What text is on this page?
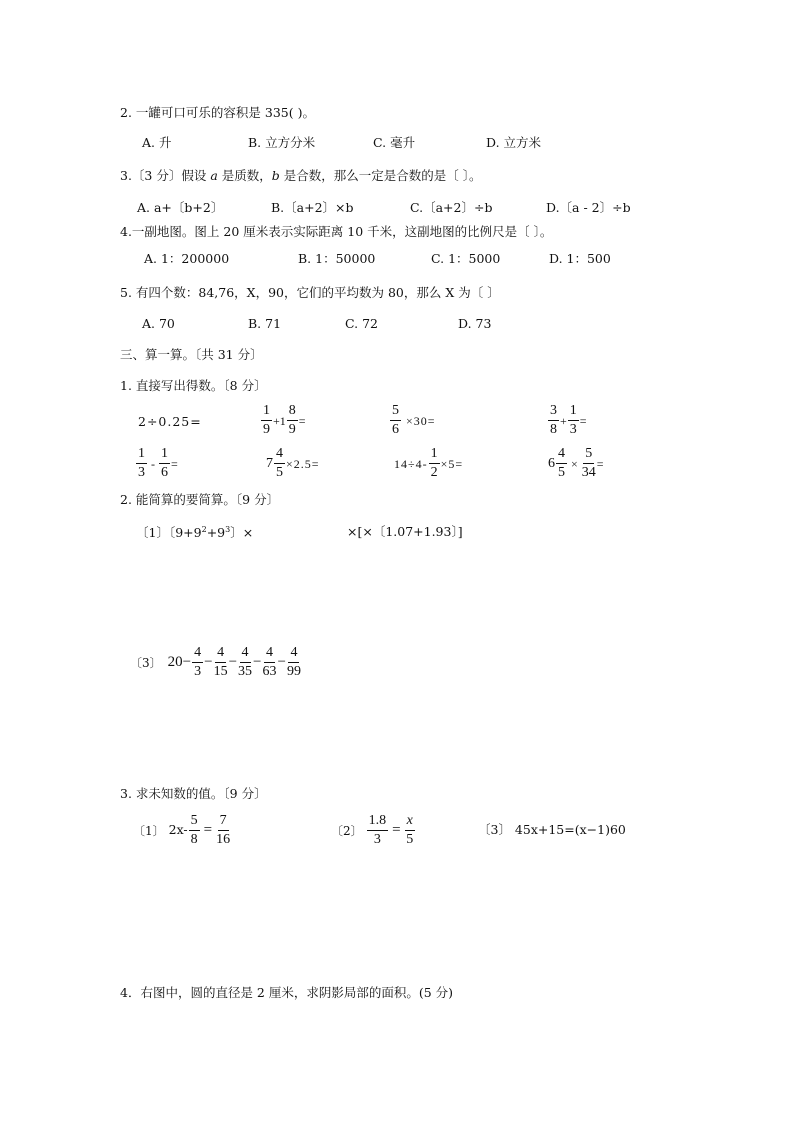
2. 一罐可口可乐的容积是 335( )。
A. 升	B. 立方分米	C. 毫升	D. 立方米
3.〔3 分〕假设 a 是质数，b 是合数，那么一定是合数的是〔 〕。
A. a+〔b+2〕	B.〔a+2〕×b	C.〔a+2〕÷b	D.〔a - 2〕÷b
4.一副地图。图上 20 厘米表示实际距离 10 千米，这副地图的比例尺是〔 〕。
A. 1：200000	B. 1：50000	C. 1：5000	D. 1：500
5. 有四个数：84,76，X，90，它们的平均数为 80，那么 X 为〔 〕
A. 70	B. 71	C. 72	D. 73
三、算一算。〔共 31 分〕
1. 直接写出得数。〔8 分〕
2÷0.25=	$\frac{1}{9} +1 \frac{8}{9}$ =	$\frac{5}{6} \times 30=$	$\frac{3}{8} + \frac{1}{3}$ =
$\frac{1}{3} - \frac{1}{6}$ =	$7 \frac{4}{5} \times 2.5=$	$14\div 4- \frac{1}{2} \times 5=$	$6 \frac{4}{5} \times \frac{5}{34}$ =
2. 能简算的要简算。〔9 分〕
〔1〕〔$9+9^2+9^3$〕×	×[×〔1.07+1.93〕]
〔3〕 $20- \frac{4}{3} - \frac{4}{15} - \frac{4}{35} - \frac{4}{63} - \frac{4}{99}$
3. 求未知数的值。〔9 分〕
〔1〕 $2x- \frac{5}{8} = \frac{7}{16}$	〔2〕 $\frac{1.8}{3} = \frac{x}{5}$	〔3〕 45x+15=(x−1)60
4．右图中，圆的直径是 2 厘米，求阴影局部的面积。(5 分)
